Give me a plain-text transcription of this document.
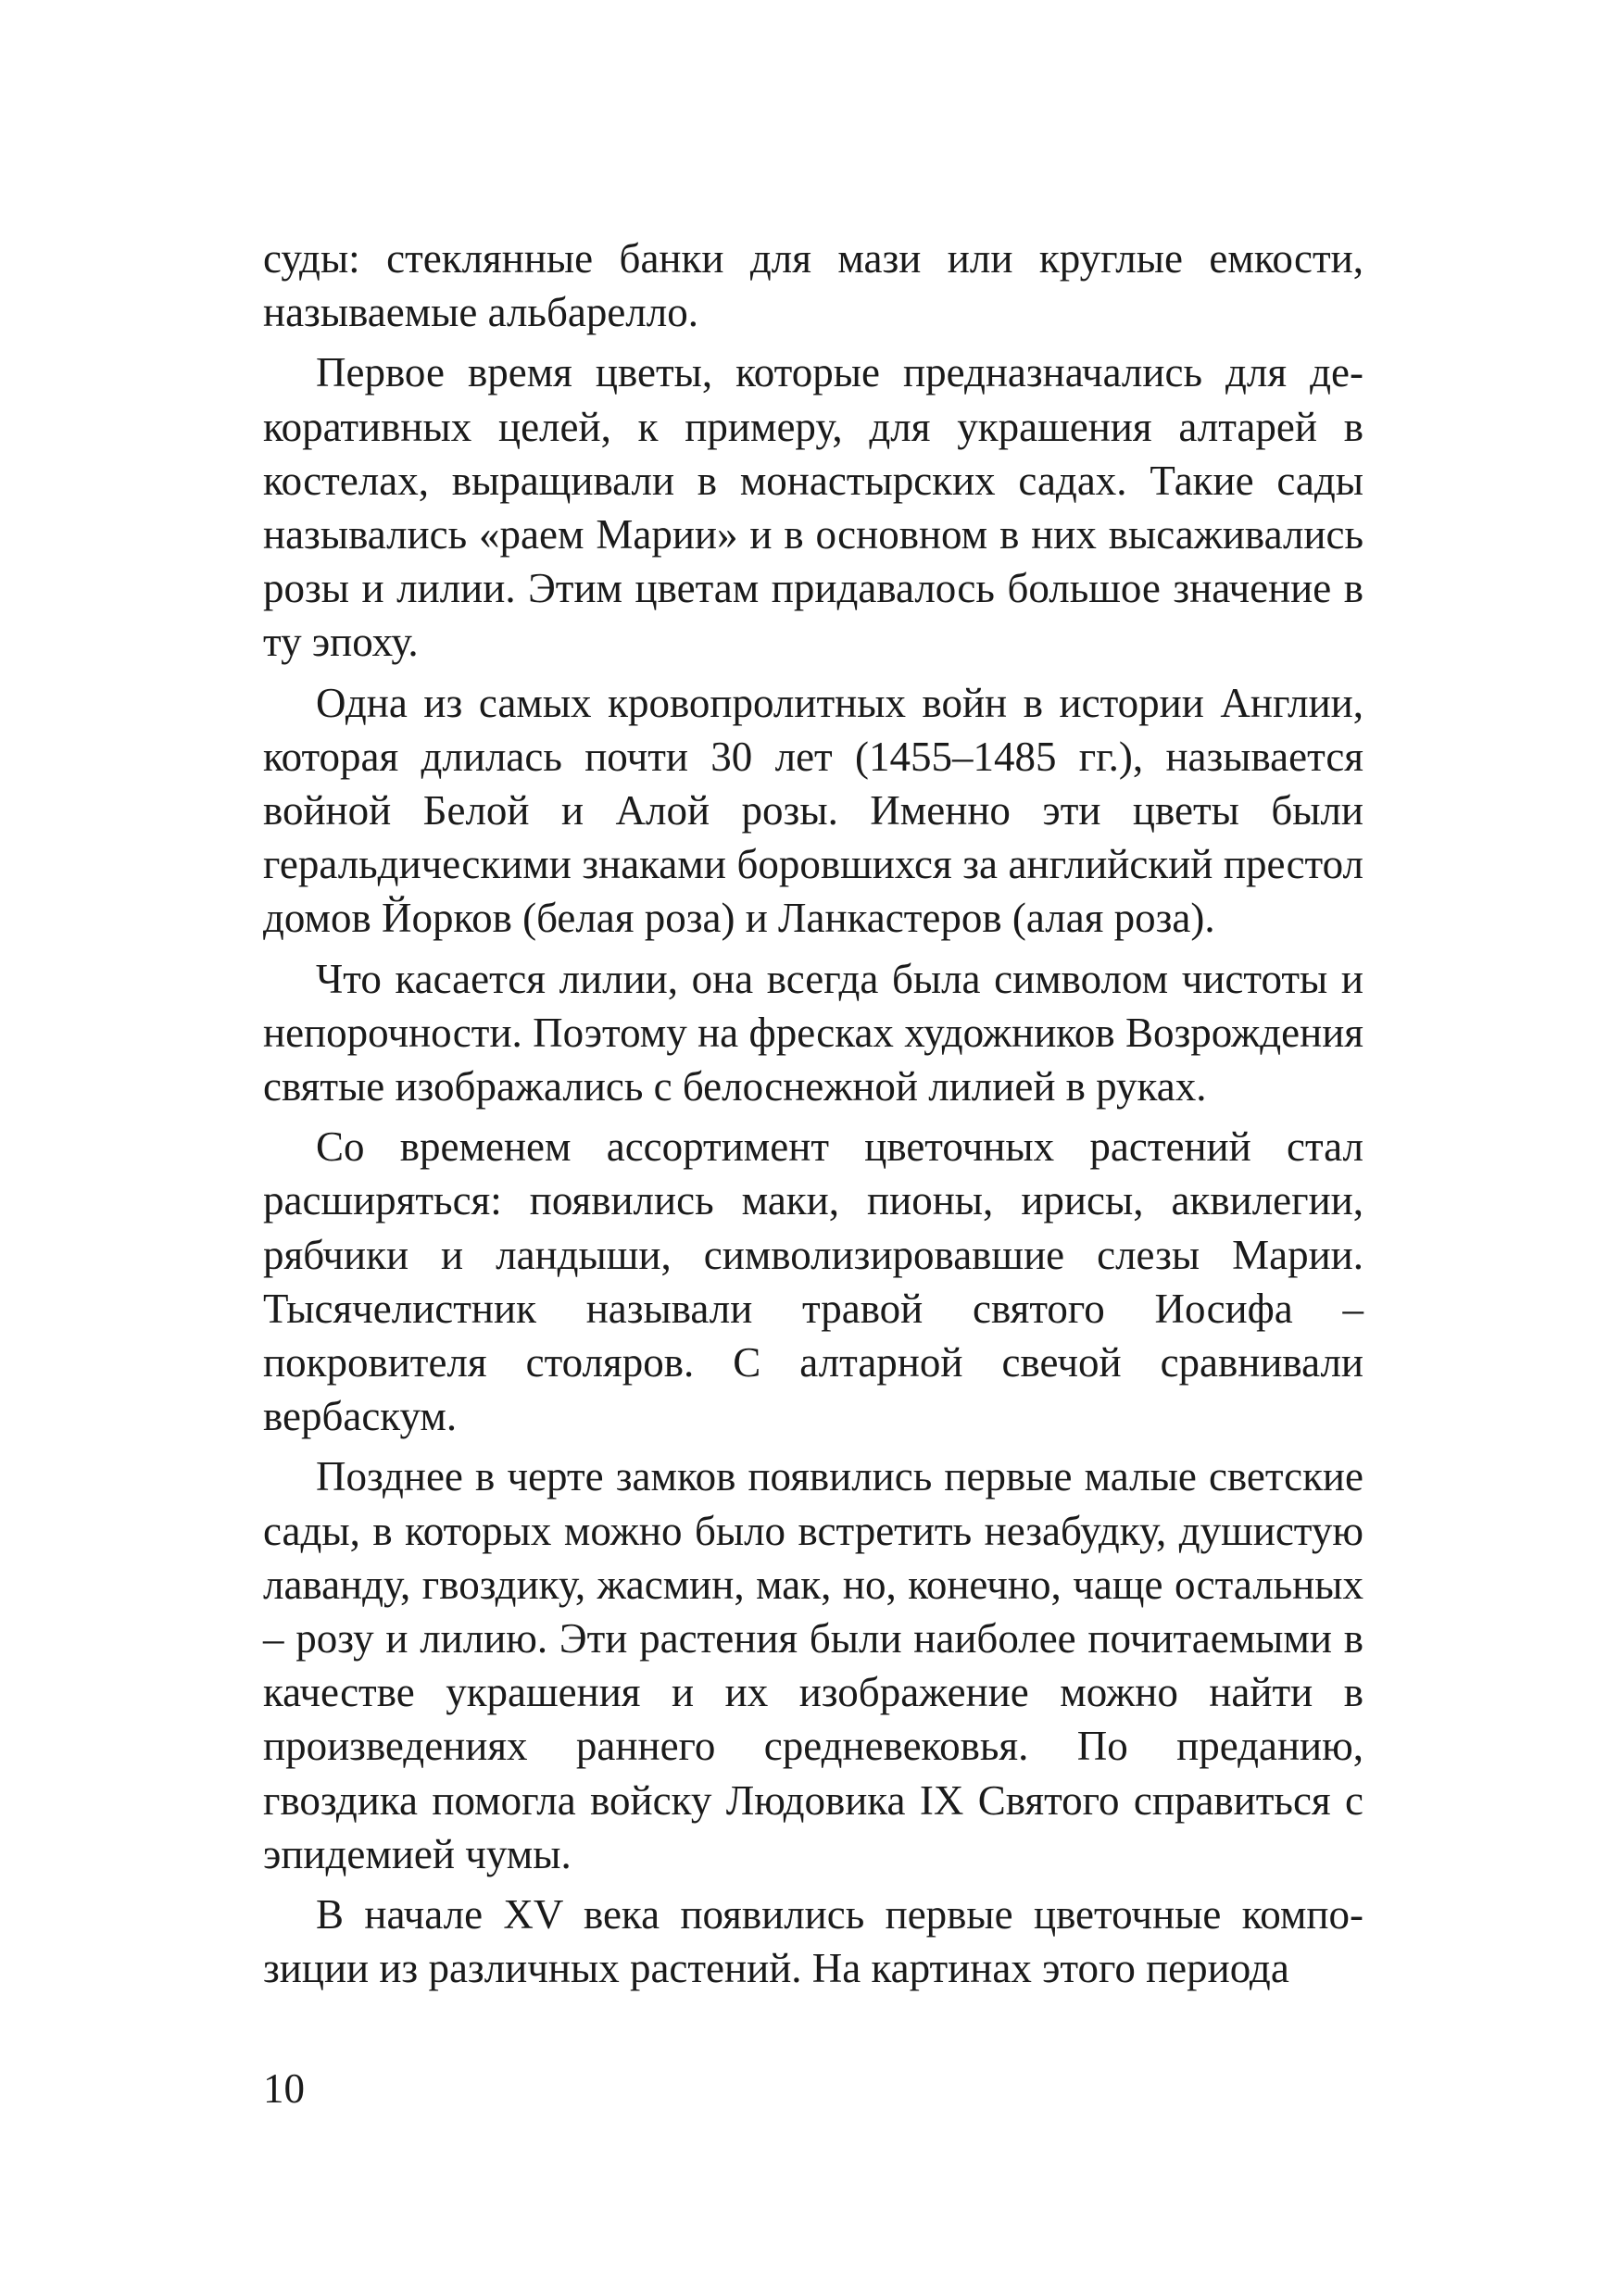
суды: стеклянные банки для мази или круглые емкости, называемые альбарелло.

Первое время цветы, которые предназначались для декоративных целей, к примеру, для украшения алтарей в костелах, выращивали в монастырских садах. Такие сады назывались «раем Марии» и в основном в них высаживались розы и лилии. Этим цветам придавалось большое значение в ту эпоху.

Одна из самых кровопролитных войн в истории Англии, которая длилась почти 30 лет (1455–1485 гг.), называется войной Белой и Алой розы. Именно эти цветы были геральдическими знаками боровшихся за английский престол домов Йорков (белая роза) и Ланкастеров (алая роза).

Что касается лилии, она всегда была символом чистоты и непорочности. Поэтому на фресках художников Возрождения святые изображались с белоснежной лилией в руках.

Со временем ассортимент цветочных растений стал расширяться: появились маки, пионы, ирисы, аквилегии, рябчики и ландыши, символизировавшие слезы Марии. Тысячелистник называли травой святого Иосифа – покровителя столяров. С алтарной свечой сравнивали вербаскум.

Позднее в черте замков появились первые малые светские сады, в которых можно было встретить незабудку, душистую лаванду, гвоздику, жасмин, мак, но, конечно, чаще остальных – розу и лилию. Эти растения были наиболее почитаемыми в качестве украшения и их изображение можно найти в произведениях раннего средневековья. По преданию, гвоздика помогла войску Людовика IX Святого справиться с эпидемией чумы.

В начале XV века появились первые цветочные композиции из различных растений. На картинах этого периода

10
